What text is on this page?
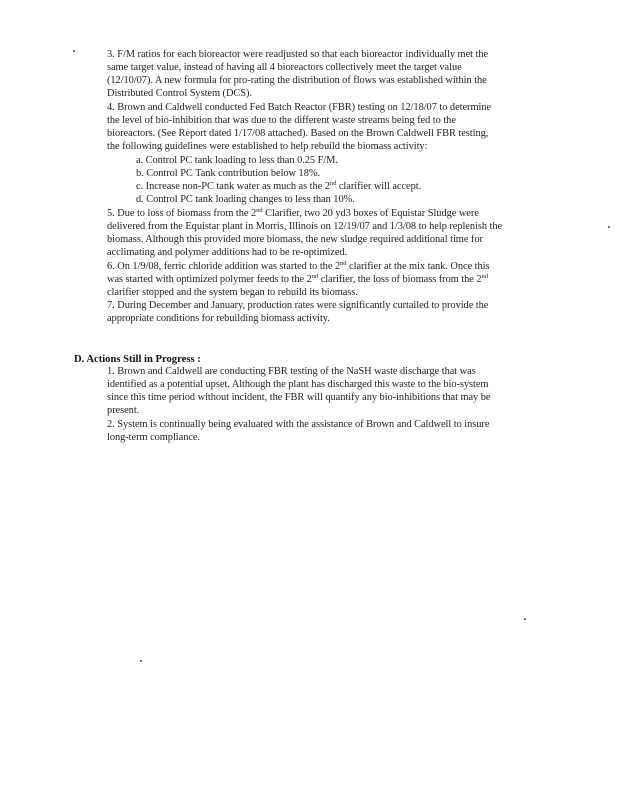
3. F/M ratios for each bioreactor were readjusted so that each bioreactor individually met the
same target value, instead of having all 4 bioreactors collectively meet the target value
(12/10/07). A new formula for pro-rating the distribution of flows was established within the
Distributed Control System (DCS).
4. Brown and Caldwell conducted Fed Batch Reactor (FBR) testing on 12/18/07 to determine
the level of bio-inhibition that was due to the different waste streams being fed to the
bioreactors. (See Report dated 1/17/08 attached). Based on the Brown Caldwell FBR testing,
the following guidelines were established to help rebuild the biomass activity:
a. Control PC tank loading to less than 0.25 F/M.
b. Control PC Tank contribution below 18%.
c. Increase non-PC tank water as much as the 2nd clarifier will accept.
d. Control PC tank loading changes to less than 10%.
5. Due to loss of biomass from the 2nd Clarifier, two 20 yd3 boxes of Equistar Sludge were
delivered from the Equistar plant in Morris, Illinois on 12/19/07 and 1/3/08 to help replenish the
biomass. Although this provided more biomass, the new sludge required additional time for
acclimating and polymer additions had to be re-optimized.
6. On 1/9/08, ferric chloride addition was started to the 2nd clarifier at the mix tank. Once this
was started with optimized polymer feeds to the 2nd clarifier, the loss of biomass from the 2nd
clarifier stopped and the system began to rebuild its biomass.
7. During December and January, production rates were significantly curtailed to provide the
appropriate conditions for rebuilding biomass activity.
D. Actions Still in Progress :
1. Brown and Caldwell are conducting FBR testing of the NaSH waste discharge that was
identified as a potential upset. Although the plant has discharged this waste to the bio-system
since this time period without incident, the FBR will quantify any bio-inhibitions that may be
present.
2. System is continually being evaluated with the assistance of Brown and Caldwell to insure
long-term compliance.
